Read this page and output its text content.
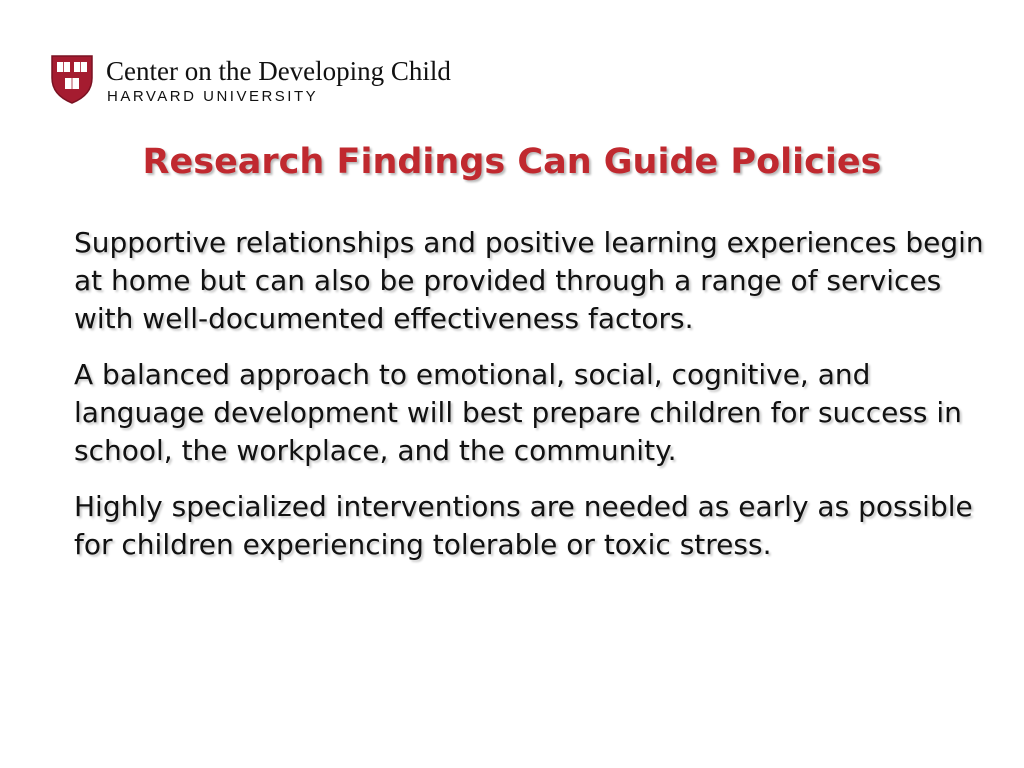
Center on the Developing Child
HARVARD UNIVERSITY
Research Findings Can Guide Policies

Supportive relationships and positive learning experiences begin at home but can also be provided through a range of services with well-documented effectiveness factors.

A balanced approach to emotional, social, cognitive, and language development will best prepare children for success in school, the workplace, and the community.

Highly specialized interventions are needed as early as possible for children experiencing tolerable or toxic stress.
